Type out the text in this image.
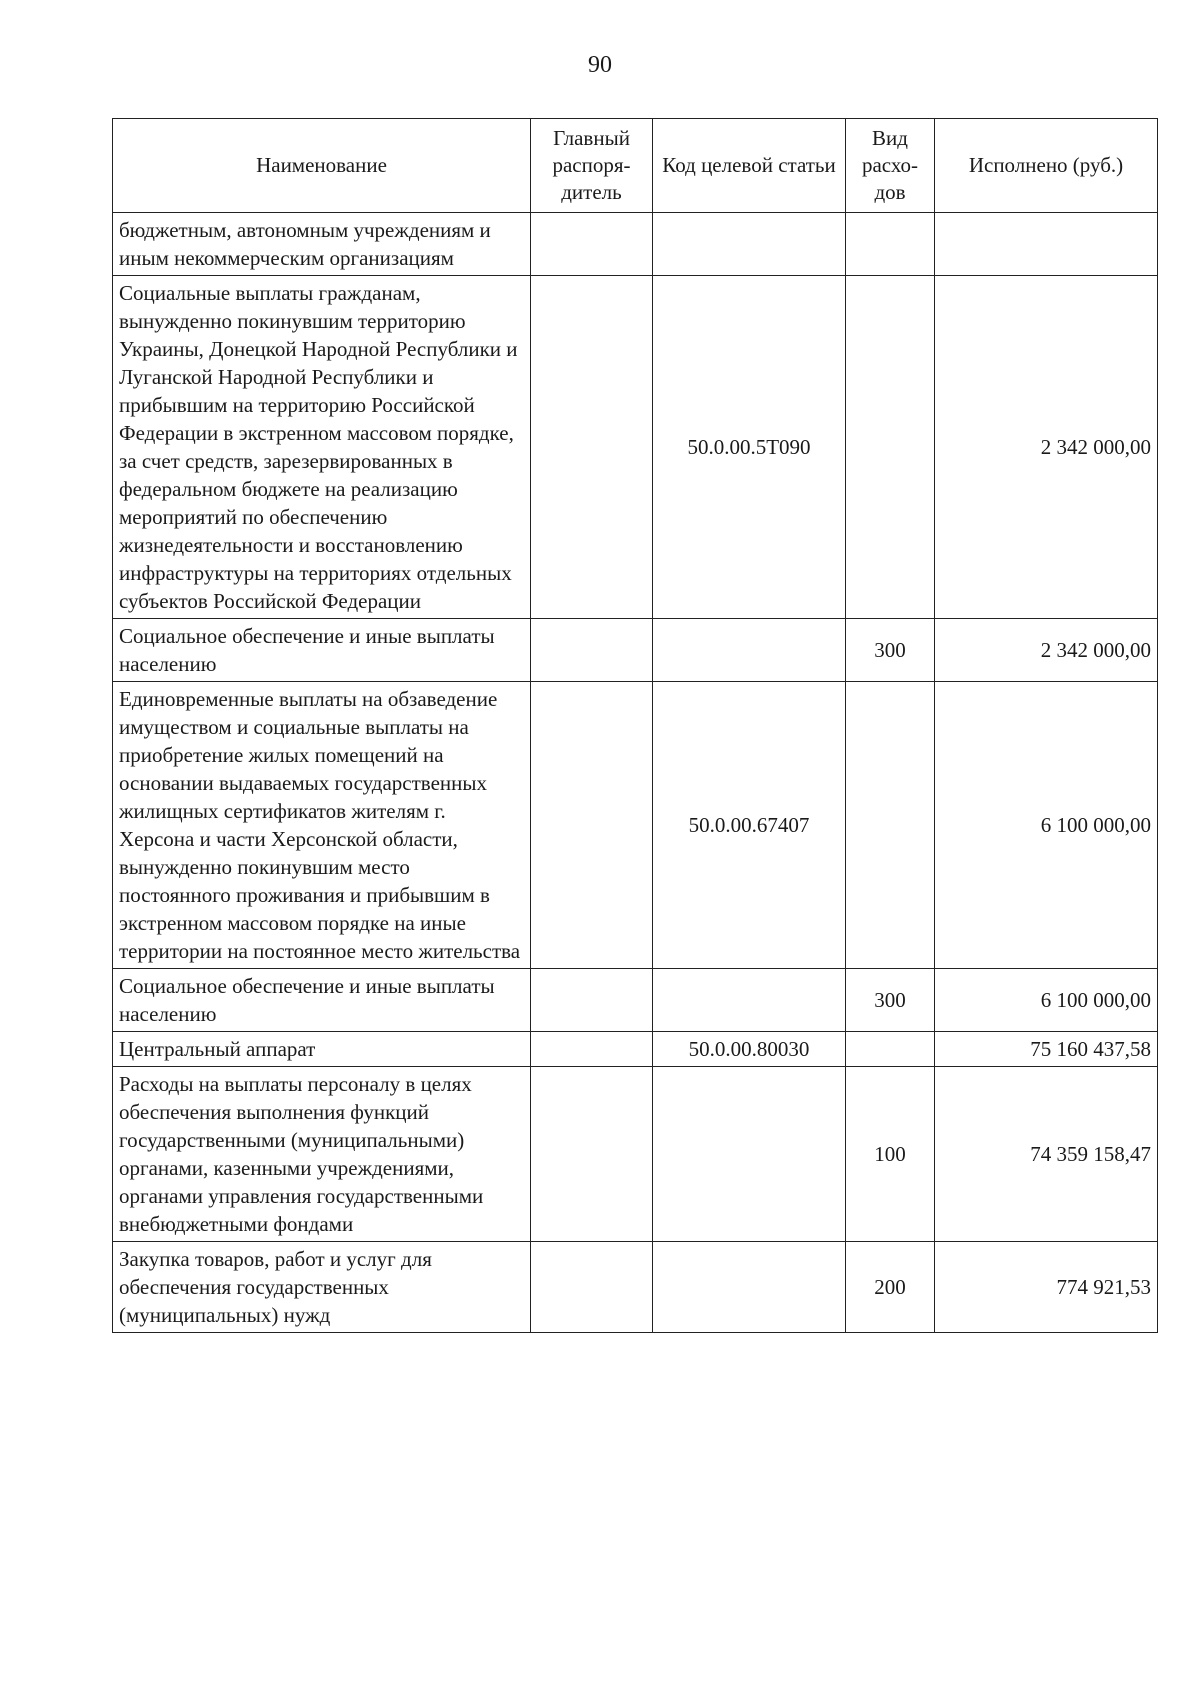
90
Наименование	Главный распоря-дитель	Код целевой статьи	Вид расхо-дов	Исполнено (руб.)
бюджетным, автономным учреждениям и иным некоммерческим организациям				
Социальные выплаты гражданам, вынужденно покинувшим территорию Украины, Донецкой Народной Республики и Луганской Народной Республики и прибывшим на территорию Российской Федерации в экстренном массовом порядке, за счет средств, зарезервированных в федеральном бюджете на реализацию мероприятий по обеспечению жизнедеятельности и восстановлению инфраструктуры на территориях отдельных субъектов Российской Федерации		50.0.00.5Т090		2 342 000,00
Социальное обеспечение и иные выплаты населению			300	2 342 000,00
Единовременные выплаты на обзаведение имуществом и социальные выплаты на приобретение жилых помещений на основании выдаваемых государственных жилищных сертификатов жителям г. Херсона и части Херсонской области, вынужденно покинувшим место постоянного проживания и прибывшим в экстренном массовом порядке на иные территории на постоянное место жительства		50.0.00.67407		6 100 000,00
Социальное обеспечение и иные выплаты населению			300	6 100 000,00
Центральный аппарат		50.0.00.80030		75 160 437,58
Расходы на выплаты персоналу в целях обеспечения выполнения функций государственными (муниципальными) органами, казенными учреждениями, органами управления государственными внебюджетными фондами			100	74 359 158,47
Закупка товаров, работ и услуг для обеспечения государственных (муниципальных) нужд			200	774 921,53
